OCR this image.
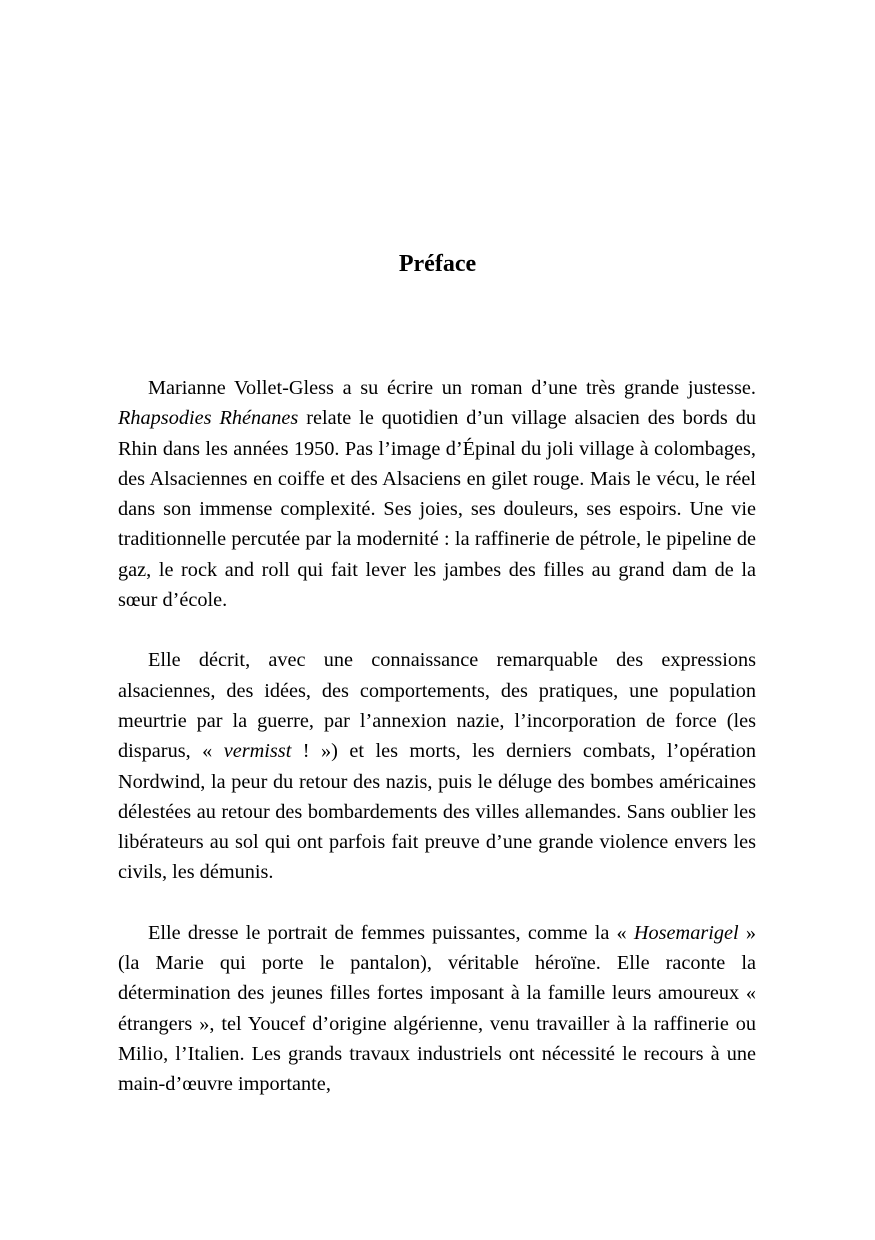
Préface

Marianne Vollet-Gless a su écrire un roman d’une très grande justesse. Rhapsodies Rhénanes relate le quotidien d’un village alsacien des bords du Rhin dans les années 1950. Pas l’image d’Épinal du joli village à colombages, des Alsaciennes en coiffe et des Alsaciens en gilet rouge. Mais le vécu, le réel dans son immense complexité. Ses joies, ses douleurs, ses espoirs. Une vie traditionnelle percutée par la modernité : la raffinerie de pétrole, le pipeline de gaz, le rock and roll qui fait lever les jambes des filles au grand dam de la sœur d’école.

Elle décrit, avec une connaissance remarquable des expressions alsaciennes, des idées, des comportements, des pratiques, une population meurtrie par la guerre, par l’annexion nazie, l’incorporation de force (les disparus, « vermisst ! ») et les morts, les derniers combats, l’opération Nordwind, la peur du retour des nazis, puis le déluge des bombes américaines délestées au retour des bombardements des villes allemandes. Sans oublier les libérateurs au sol qui ont parfois fait preuve d’une grande violence envers les civils, les démunis.

Elle dresse le portrait de femmes puissantes, comme la « Hosemarigel » (la Marie qui porte le pantalon), véritable héroïne. Elle raconte la détermination des jeunes filles fortes imposant à la famille leurs amoureux « étrangers », tel Youcef d’origine algérienne, venu travailler à la raffinerie ou Milio, l’Italien. Les grands travaux industriels ont nécessité le recours à une main-d’œuvre importante,
